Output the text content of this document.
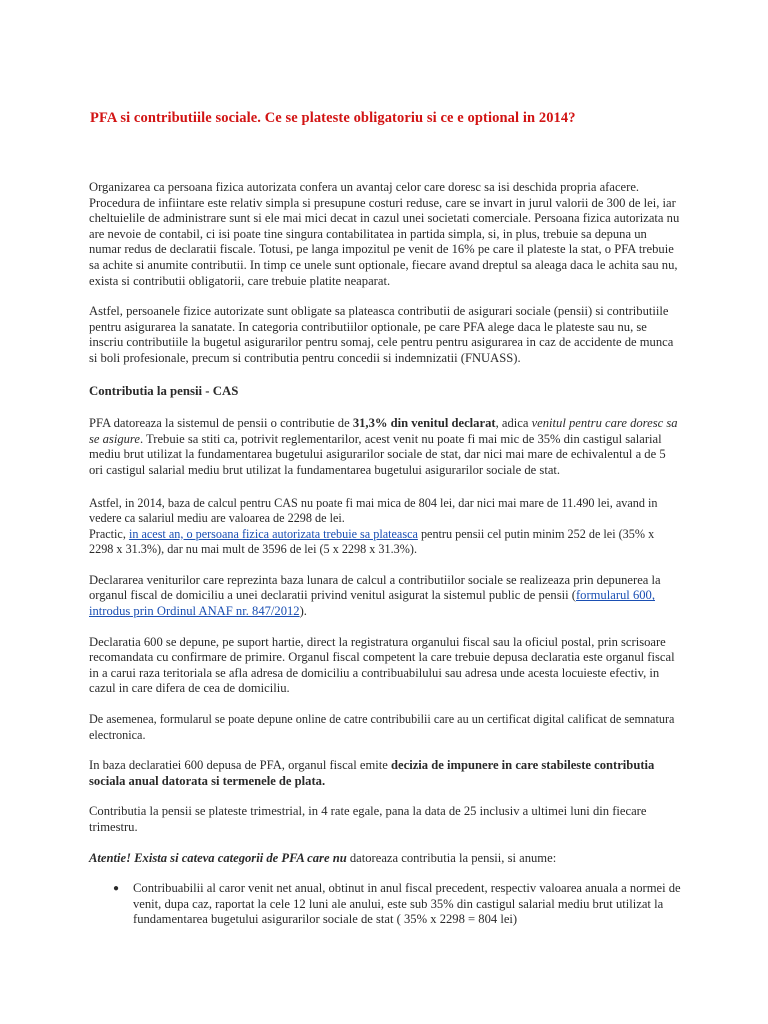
PFA si contributiile sociale. Ce se plateste obligatoriu si ce e optional in 2014?

Organizarea ca persoana fizica autorizata confera un avantaj celor care doresc sa isi deschida propria afacere. Procedura de infiintare este relativ simpla si presupune costuri reduse, care se invart in jurul valorii de 300 de lei, iar cheltuielile de administrare sunt si ele mai mici decat in cazul unei societati comerciale. Persoana fizica autorizata nu are nevoie de contabil, ci isi poate tine singura contabilitatea in partida simpla, si, in plus, trebuie sa depuna un numar redus de declaratii fiscale. Totusi, pe langa impozitul pe venit de 16% pe care il plateste la stat, o PFA trebuie sa achite si anumite contributii. In timp ce unele sunt optionale, fiecare avand dreptul sa aleaga daca le achita sau nu, exista si contributii obligatorii, care trebuie platite neaparat.

Astfel, persoanele fizice autorizate sunt obligate sa plateasca contributii de asigurari sociale (pensii) si contributiile pentru asigurarea la sanatate. In categoria contributiilor optionale, pe care PFA alege daca le plateste sau nu, se inscriu contributiile la bugetul asigurarilor pentru somaj, cele pentru pentru asigurarea in caz de accidente de munca si boli profesionale, precum si contributia pentru concedii si indemnizatii (FNUASS).

Contributia la pensii - CAS

PFA datoreaza la sistemul de pensii o contributie de 31,3% din venitul declarat, adica venitul pentru care doresc sa se asigure. Trebuie sa stiti ca, potrivit reglementarilor, acest venit nu poate fi mai mic de 35% din castigul salarial mediu brut utilizat la fundamentarea bugetului asigurarilor sociale de stat, dar nici mai mare de echivalentul a de 5 ori castigul salarial mediu brut utilizat la fundamentarea bugetului asigurarilor sociale de stat.

Astfel, in 2014, baza de calcul pentru CAS nu poate fi mai mica de 804 lei, dar nici mai mare de 11.490 lei, avand in vedere ca salariul mediu are valoarea de 2298 de lei.
Practic, in acest an, o persoana fizica autorizata trebuie sa plateasca pentru pensii cel putin minim 252 de lei (35% x 2298 x 31.3%), dar nu mai mult de 3596 de lei (5 x 2298 x 31.3%).

Declararea veniturilor care reprezinta baza lunara de calcul a contributiilor sociale se realizeaza prin depunerea la organul fiscal de domiciliu a unei declaratii privind venitul asigurat la sistemul public de pensii (formularul 600, introdus prin Ordinul ANAF nr. 847/2012).

Declaratia 600 se depune, pe suport hartie, direct la registratura organului fiscal sau la oficiul postal, prin scrisoare recomandata cu confirmare de primire. Organul fiscal competent la care trebuie depusa declaratia este organul fiscal in a carui raza teritoriala se afla adresa de domiciliu a contribuabilului sau adresa unde acesta locuieste efectiv, in cazul in care difera de cea de domiciliu.

De asemenea, formularul se poate depune online de catre contribubilii care au un certificat digital calificat de semnatura electronica.

In baza declaratiei 600 depusa de PFA, organul fiscal emite decizia de impunere in care stabileste contributia sociala anual datorata si termenele de plata.

Contributia la pensii se plateste trimestrial, in 4 rate egale, pana la data de 25 inclusiv a ultimei luni din fiecare trimestru.

Atentie! Exista si cateva categorii de PFA care nu datoreaza contributia la pensii, si anume:

● Contribuabilii al caror venit net anual, obtinut in anul fiscal precedent, respectiv valoarea anuala a normei de venit, dupa caz, raportat la cele 12 luni ale anului, este sub 35% din castigul salarial mediu brut utilizat la fundamentarea bugetului asigurarilor sociale de stat ( 35% x 2298 = 804 lei)
